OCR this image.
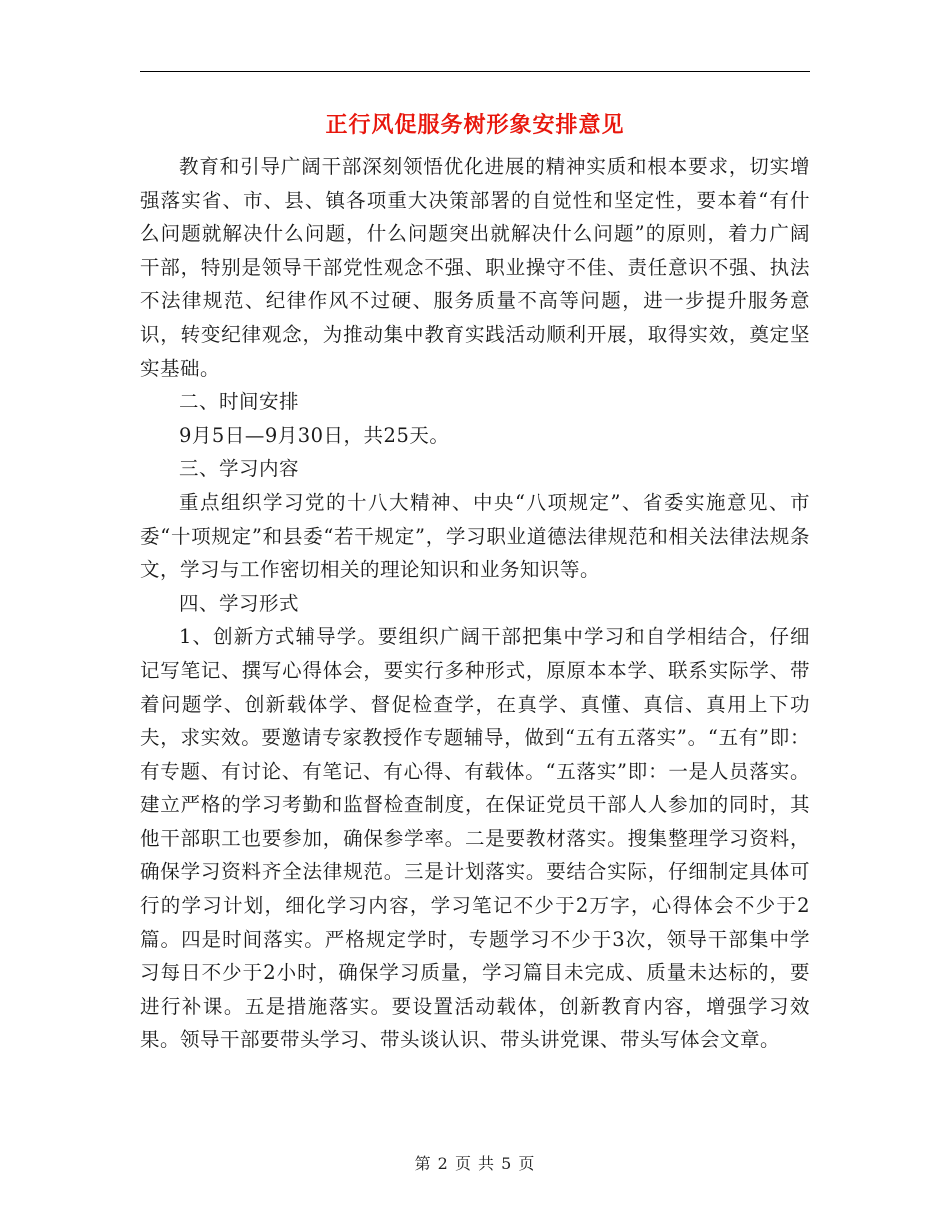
正行风促服务树形象安排意见

教育和引导广阔干部深刻领悟优化进展的精神实质和根本要求，切实增强落实省、市、县、镇各项重大决策部署的自觉性和坚定性，要本着“有什么问题就解决什么问题，什么问题突出就解决什么问题”的原则，着力广阔干部，特别是领导干部党性观念不强、职业操守不佳、责任意识不强、执法不法律规范、纪律作风不过硬、服务质量不高等问题，进一步提升服务意识，转变纪律观念，为推动集中教育实践活动顺利开展，取得实效，奠定坚实基础。

二、时间安排

9月5日—9月30日，共25天。

三、学习内容

重点组织学习党的十八大精神、中央“八项规定”、省委实施意见、市委“十项规定”和县委“若干规定”，学习职业道德法律规范和相关法律法规条文，学习与工作密切相关的理论知识和业务知识等。

四、学习形式

1、创新方式辅导学。要组织广阔干部把集中学习和自学相结合，仔细记写笔记、撰写心得体会，要实行多种形式，原原本本学、联系实际学、带着问题学、创新载体学、督促检查学，在真学、真懂、真信、真用上下功夫，求实效。要邀请专家教授作专题辅导，做到“五有五落实”。“五有”即：有专题、有讨论、有笔记、有心得、有载体。“五落实”即：一是人员落实。建立严格的学习考勤和监督检查制度，在保证党员干部人人参加的同时，其他干部职工也要参加，确保参学率。二是要教材落实。搜集整理学习资料，确保学习资料齐全法律规范。三是计划落实。要结合实际，仔细制定具体可行的学习计划，细化学习内容，学习笔记不少于2万字，心得体会不少于2篇。四是时间落实。严格规定学时，专题学习不少于3次，领导干部集中学习每日不少于2小时，确保学习质量，学习篇目未完成、质量未达标的，要进行补课。五是措施落实。要设置活动载体，创新教育内容，增强学习效果。领导干部要带头学习、带头谈认识、带头讲党课、带头写体会文章。

第 2 页 共 5 页
